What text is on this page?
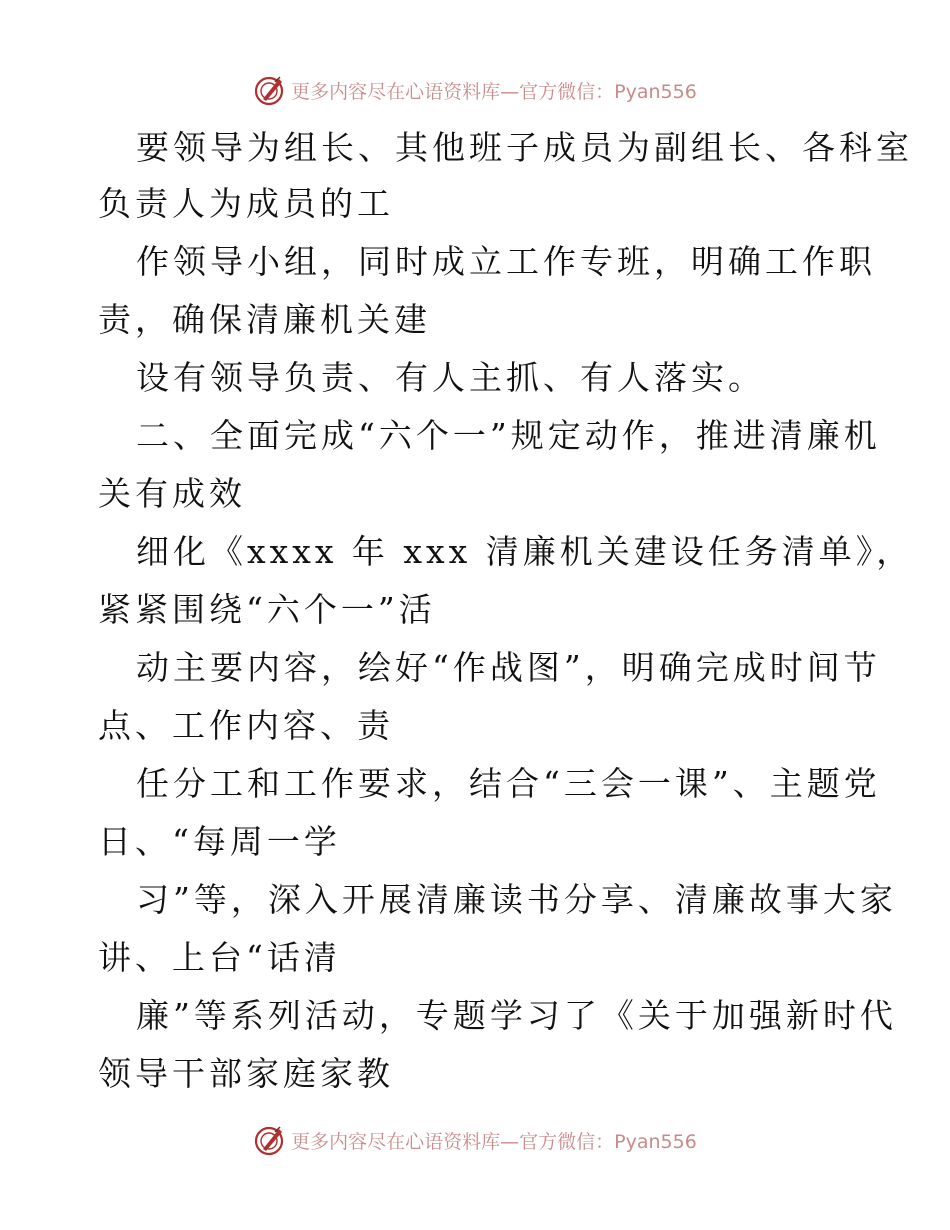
更多内容尽在心语资料库—官方微信：Pyan556
要领导为组长、其他班子成员为副组长、各科室
负责人为成员的工
作领导小组，同时成立工作专班，明确工作职
责，确保清廉机关建
设有领导负责、有人主抓、有人落实。
二、全面完成“六个一”规定动作，推进清廉机
关有成效
细化《xxxx 年 xxx 清廉机关建设任务清单》，
紧紧围绕“六个一”活
动主要内容，绘好“作战图”，明确完成时间节
点、工作内容、责
任分工和工作要求，结合“三会一课”、主题党
日、“每周一学
习”等，深入开展清廉读书分享、清廉故事大家
讲、上台“话清
廉”等系列活动，专题学习了《关于加强新时代
领导干部家庭家教
更多内容尽在心语资料库—官方微信：Pyan556
